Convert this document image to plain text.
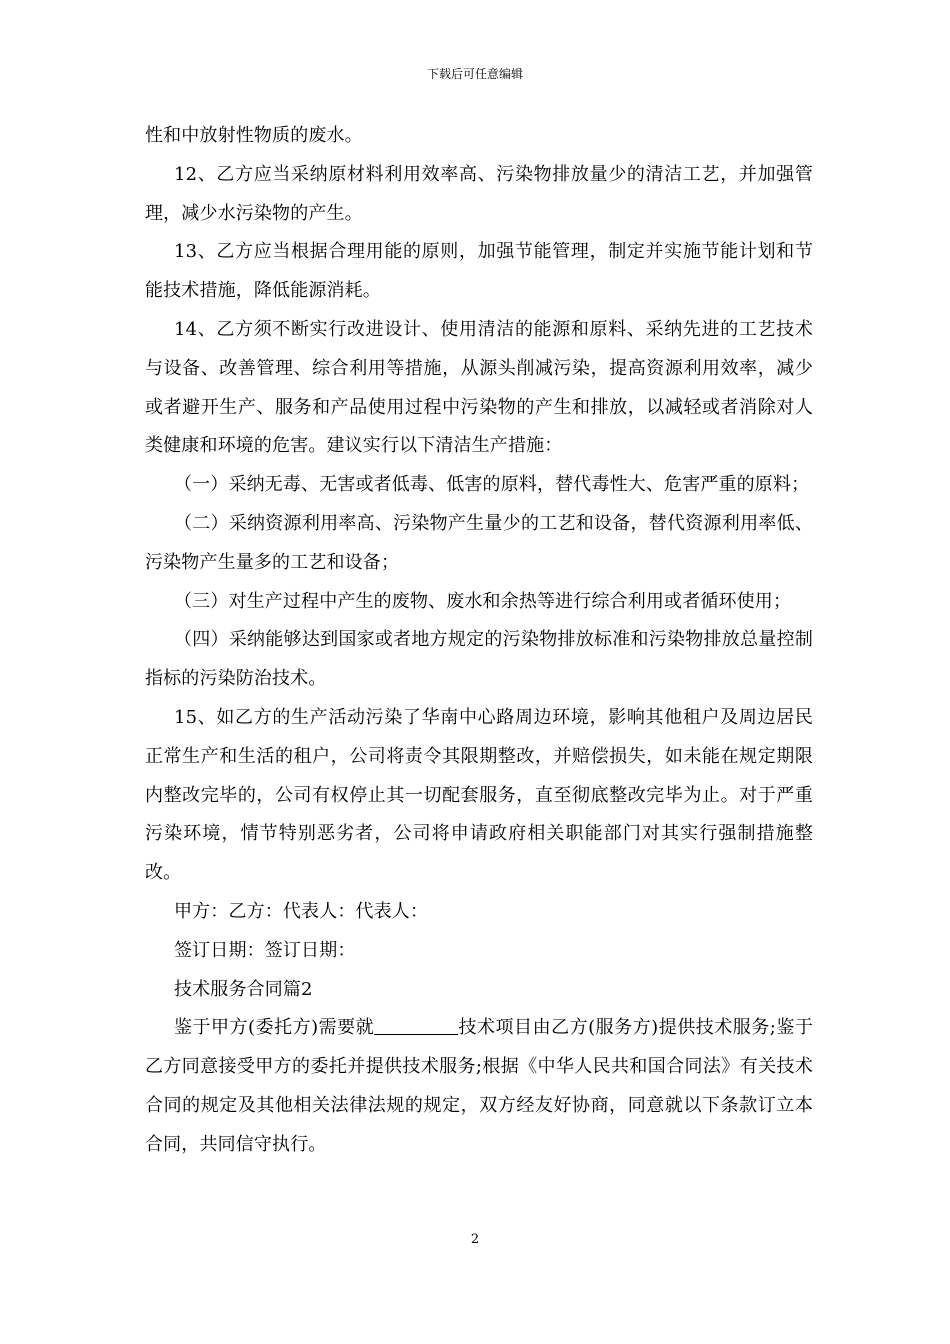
下载后可任意编辑

性和中放射性物质的废水。

12、乙方应当采纳原材料利用效率高、污染物排放量少的清洁工艺，并加强管理，减少水污染物的产生。

13、乙方应当根据合理用能的原则，加强节能管理，制定并实施节能计划和节能技术措施，降低能源消耗。

14、乙方须不断实行改进设计、使用清洁的能源和原料、采纳先进的工艺技术与设备、改善管理、综合利用等措施，从源头削减污染，提高资源利用效率，减少或者避开生产、服务和产品使用过程中污染物的产生和排放，以减轻或者消除对人类健康和环境的危害。建议实行以下清洁生产措施：

（一）采纳无毒、无害或者低毒、低害的原料，替代毒性大、危害严重的原料；

（二）采纳资源利用率高、污染物产生量少的工艺和设备，替代资源利用率低、污染物产生量多的工艺和设备；

（三）对生产过程中产生的废物、废水和余热等进行综合利用或者循环使用；

（四）采纳能够达到国家或者地方规定的污染物排放标准和污染物排放总量控制指标的污染防治技术。

15、如乙方的生产活动污染了华南中心路周边环境，影响其他租户及周边居民正常生产和生活的租户，公司将责令其限期整改，并赔偿损失，如未能在规定期限内整改完毕的，公司有权停止其一切配套服务，直至彻底整改完毕为止。对于严重污染环境，情节特别恶劣者，公司将申请政府相关职能部门对其实行强制措施整改。

甲方：乙方：代表人：代表人：

签订日期：签订日期：

技术服务合同篇2

鉴于甲方(委托方)需要就	技术项目由乙方(服务方)提供技术服务;鉴于乙方同意接受甲方的委托并提供技术服务;根据《中华人民共和国合同法》有关技术合同的规定及其他相关法律法规的规定，双方经友好协商，同意就以下条款订立本合同，共同信守执行。

2
